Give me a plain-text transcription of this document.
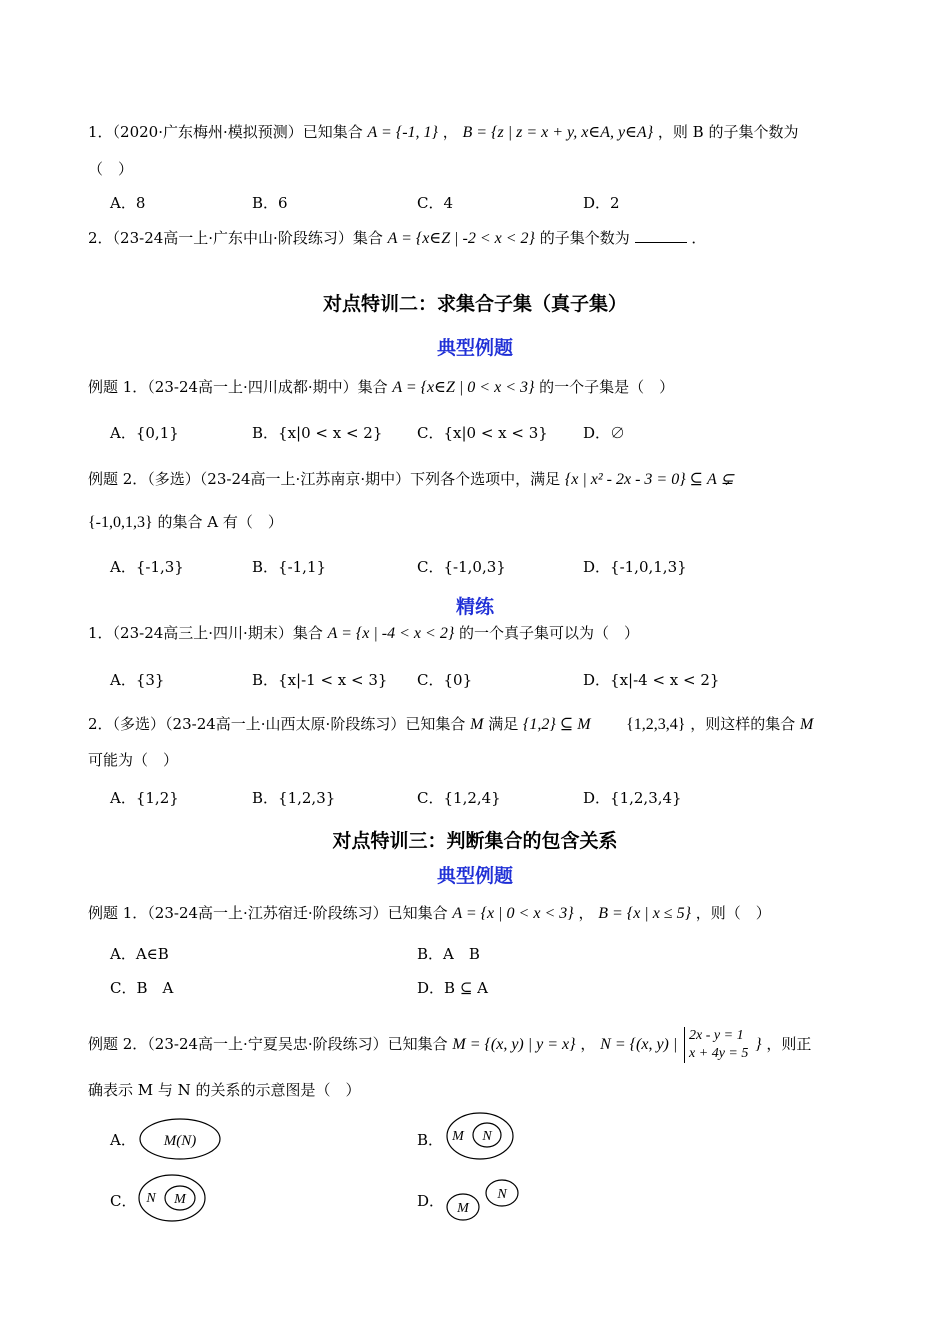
1．（2020·广东梅州·模拟预测）已知集合 A = {-1, 1} ， B = {z | z = x + y, x∈A, y∈A} ，则 B 的子集个数为
（　）
A．8	B．6	C．4	D．2
2．（23-24高一上·广东中山·阶段练习）集合 A = {x∈Z | -2 < x < 2} 的子集个数为	．
对点特训二：求集合子集（真子集）
典型例题
例题 1．（23-24高一上·四川成都·期中）集合 A = {x∈Z | 0 < x < 3} 的一个子集是（　）
A．{0,1}	B．{x|0 < x < 2} C．{x|0 < x < 3} D．∅
例题 2．（多选）（23-24高一上·江苏南京·期中）下列各个选项中，满足 {x | x² - 2x - 3 = 0} ⊆ A ⊊
{-1,0,1,3} 的集合 A 有（　）
A．{-1,3}	B．{-1,1}	C．{-1,0,3}	D．{-1,0,1,3}
精练
1．（23-24高三上·四川·期末）集合 A = {x | -4 < x < 2} 的一个真子集可以为（　）
A．{3}	B．{x|-1 < x < 3} C．{0}	D．{x|-4 < x < 2}
2．（多选）（23-24高一上·山西太原·阶段练习）已知集合 M 满足 {1,2} ⊆ M {1,2,3,4} ，则这样的集合 M
可能为（　）
A．{1,2}	B．{1,2,3}	C．{1,2,4}	D．{1,2,3,4}
对点特训三：判断集合的包含关系
典型例题
例题 1．（23-24高一上·江苏宿迁·阶段练习）已知集合 A = {x | 0 < x < 3} ， B = {x | x ≤ 5} ，则（　）
A．A∈B	B．A　B
C．B　A	D．B ⊆ A
例题 2．（23-24高一上·宁夏吴忠·阶段练习）已知集合 M = {(x, y) | y = x} ， N = {(x, y) |
2x - y = 1
x + 4y = 5
} ，则正
确表示 M 与 N 的关系的示意图是（　）
A． M(N)	B． M N
C． N M	D． M
N
